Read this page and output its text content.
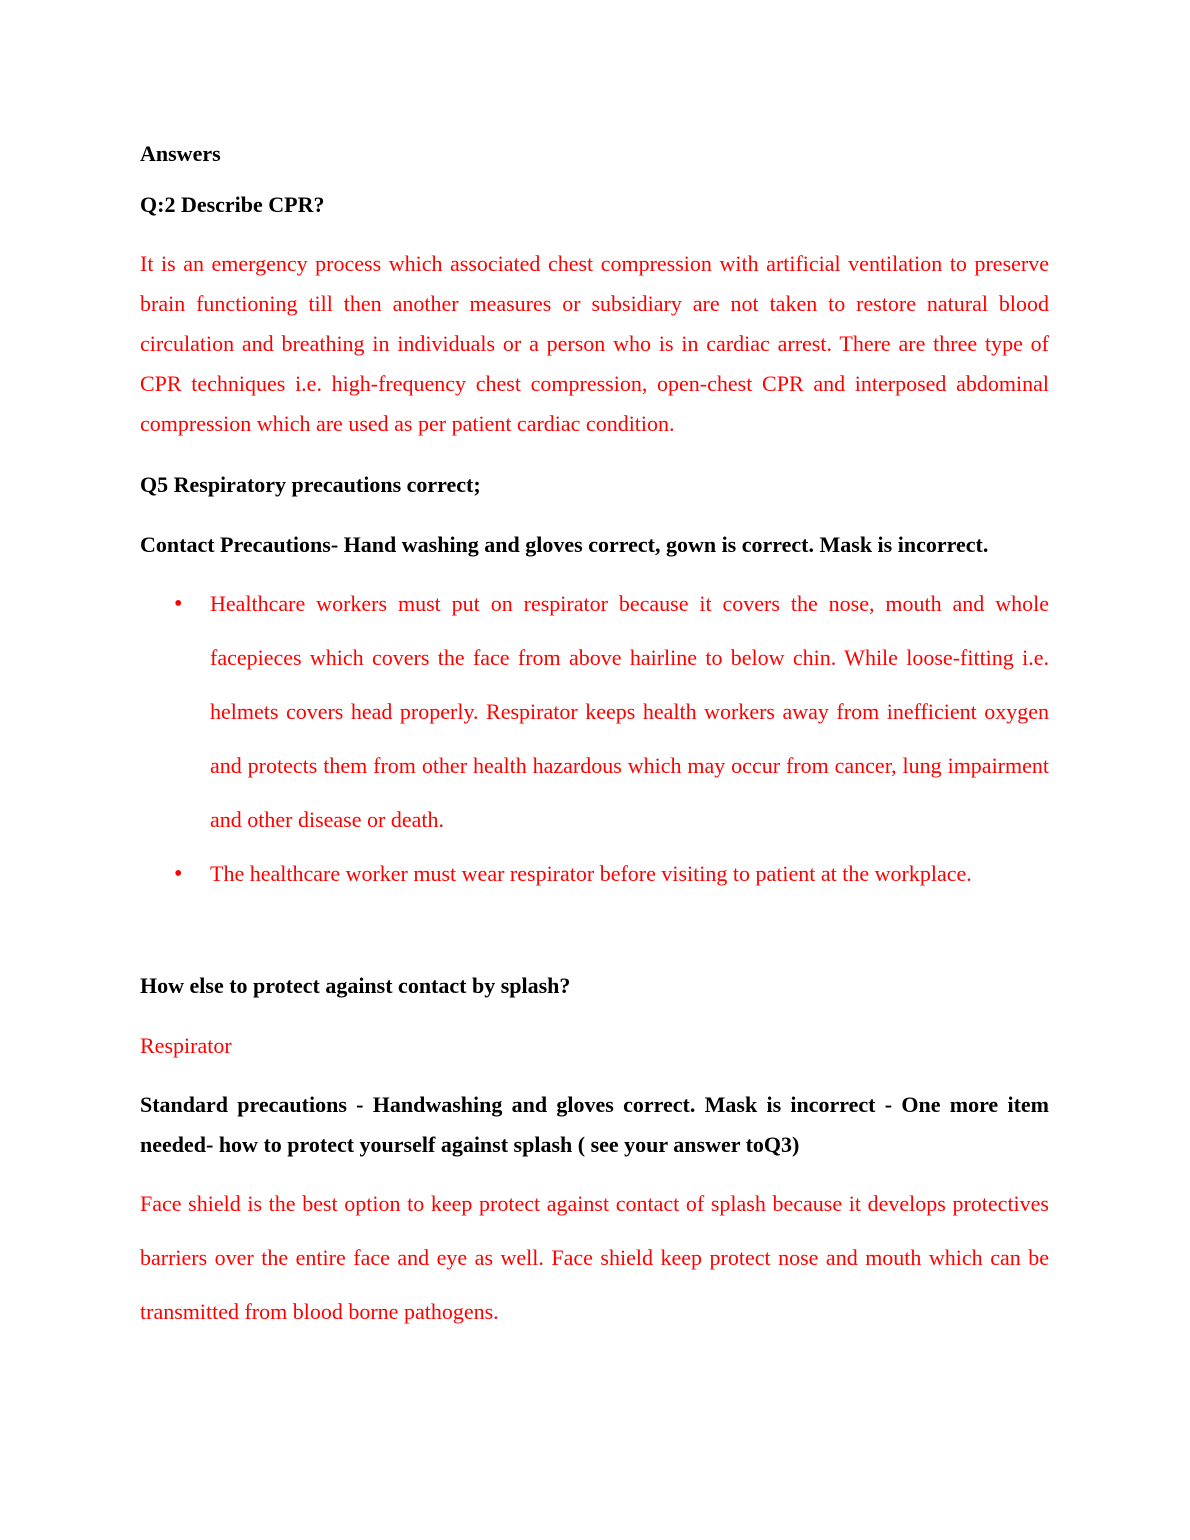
Answers

Q:2 Describe CPR?

It is an emergency process which associated chest compression with artificial ventilation to preserve brain functioning till then another measures or subsidiary are not taken to restore natural blood circulation and breathing in individuals or a person who is in cardiac arrest. There are three type of CPR techniques i.e. high-frequency chest compression, open-chest CPR and interposed abdominal compression which are used as per patient cardiac condition.

Q5 Respiratory precautions correct;

Contact Precautions- Hand washing and gloves correct, gown is correct. Mask is incorrect.

• Healthcare workers must put on respirator because it covers the nose, mouth and whole facepieces which covers the face from above hairline to below chin. While loose-fitting i.e. helmets covers head properly. Respirator keeps health workers away from inefficient oxygen and protects them from other health hazardous which may occur from cancer, lung impairment and other disease or death.
• The healthcare worker must wear respirator before visiting to patient at the workplace.

How else to protect against contact by splash?

Respirator

Standard precautions - Handwashing and gloves correct. Mask is incorrect - One more item needed- how to protect yourself against splash ( see your answer toQ3)

Face shield is the best option to keep protect against contact of splash because it develops protectives barriers over the entire face and eye as well. Face shield keep protect nose and mouth which can be transmitted from blood borne pathogens.
